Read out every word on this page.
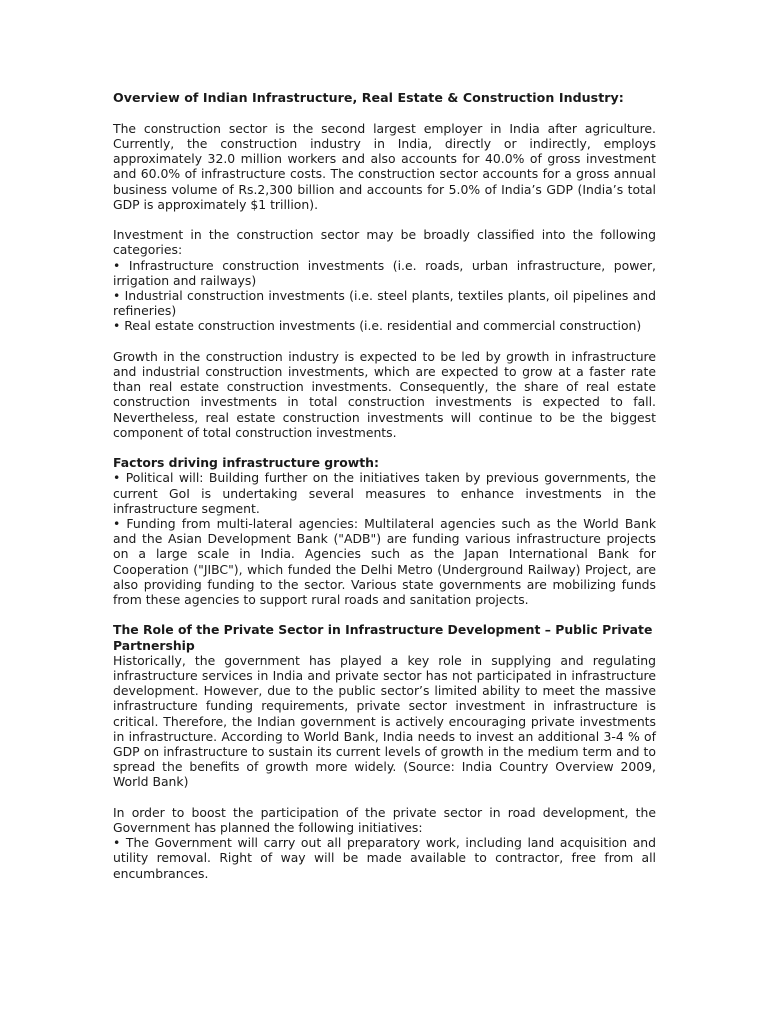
Overview of Indian Infrastructure, Real Estate & Construction Industry:

The construction sector is the second largest employer in India after agriculture. Currently, the construction industry in India, directly or indirectly, employs approximately 32.0 million workers and also accounts for 40.0% of gross investment and 60.0% of infrastructure costs. The construction sector accounts for a gross annual business volume of Rs.2,300 billion and accounts for 5.0% of India’s GDP (India’s total GDP is approximately $1 trillion).

Investment in the construction sector may be broadly classified into the following categories:

• Infrastructure construction investments (i.e. roads, urban infrastructure, power, irrigation and railways)

• Industrial construction investments (i.e. steel plants, textiles plants, oil pipelines and refineries)

• Real estate construction investments (i.e. residential and commercial construction)

Growth in the construction industry is expected to be led by growth in infrastructure and industrial construction investments, which are expected to grow at a faster rate than real estate construction investments. Consequently, the share of real estate construction investments in total construction investments is expected to fall. Nevertheless, real estate construction investments will continue to be the biggest component of total construction investments.

Factors driving infrastructure growth:

• Political will: Building further on the initiatives taken by previous governments, the current GoI is undertaking several measures to enhance investments in the infrastructure segment.

• Funding from multi-lateral agencies: Multilateral agencies such as the World Bank and the Asian Development Bank ("ADB") are funding various infrastructure projects on a large scale in India. Agencies such as the Japan International Bank for Cooperation ("JIBC"), which funded the Delhi Metro (Underground Railway) Project, are also providing funding to the sector. Various state governments are mobilizing funds from these agencies to support rural roads and sanitation projects.

The Role of the Private Sector in Infrastructure Development – Public Private Partnership

Historically, the government has played a key role in supplying and regulating infrastructure services in India and private sector has not participated in infrastructure development. However, due to the public sector’s limited ability to meet the massive infrastructure funding requirements, private sector investment in infrastructure is critical. Therefore, the Indian government is actively encouraging private investments in infrastructure. According to World Bank, India needs to invest an additional 3-4 % of GDP on infrastructure to sustain its current levels of growth in the medium term and to spread the benefits of growth more widely. (Source: India Country Overview 2009, World Bank)

In order to boost the participation of the private sector in road development, the Government has planned the following initiatives:

• The Government will carry out all preparatory work, including land acquisition and utility removal. Right of way will be made available to contractor, free from all encumbrances.
